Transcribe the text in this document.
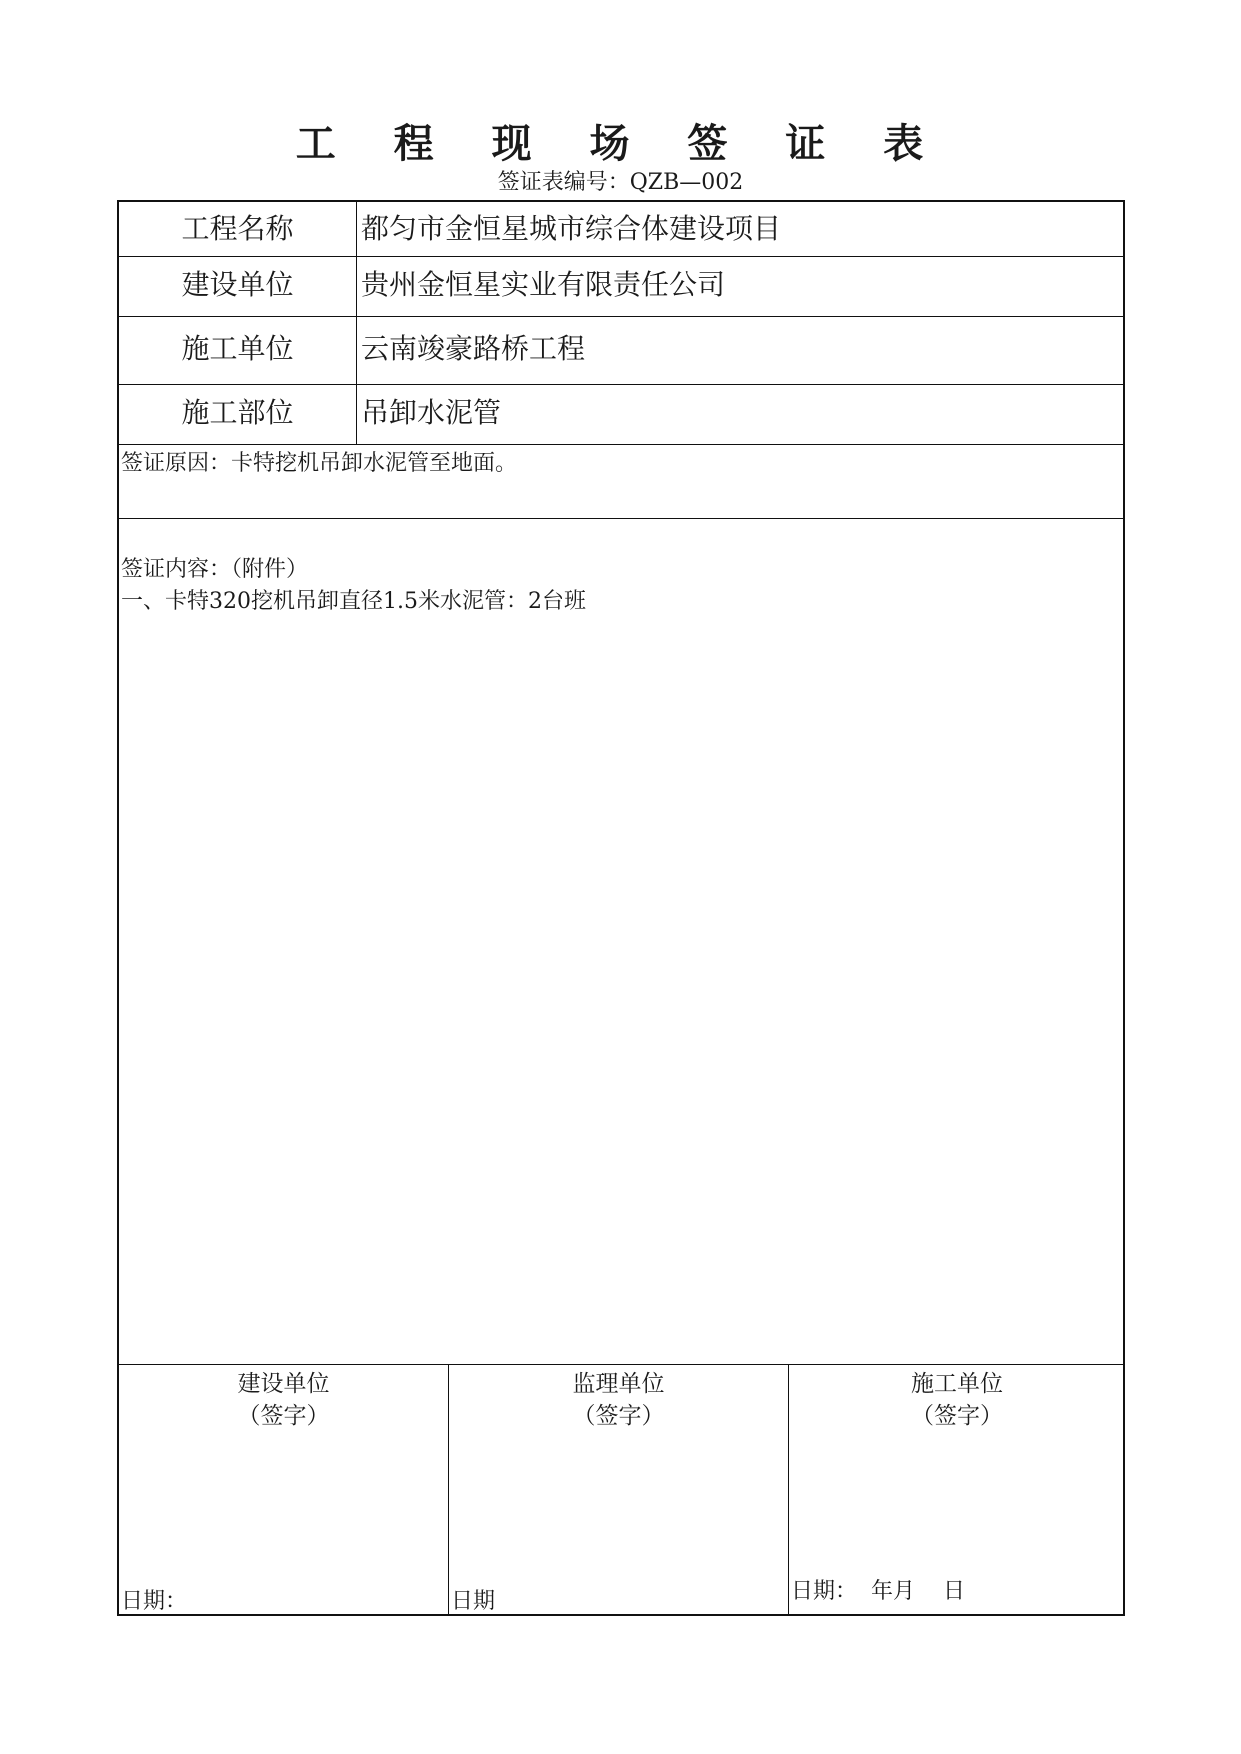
工 程 现 场 签 证 表
签证表编号：QZB—002
工程名称	都匀市金恒星城市综合体建设项目
建设单位	贵州金恒星实业有限责任公司
施工单位	云南竣豪路桥工程
施工部位	吊卸水泥管
签证原因：卡特挖机吊卸水泥管至地面。
签证内容：（附件）
一、卡特320挖机吊卸直径1.5米水泥管：2台班
建设单位
（签字）
日期：
监理单位
（签字）
日期
施工单位
（签字）
日期：  年月    日
